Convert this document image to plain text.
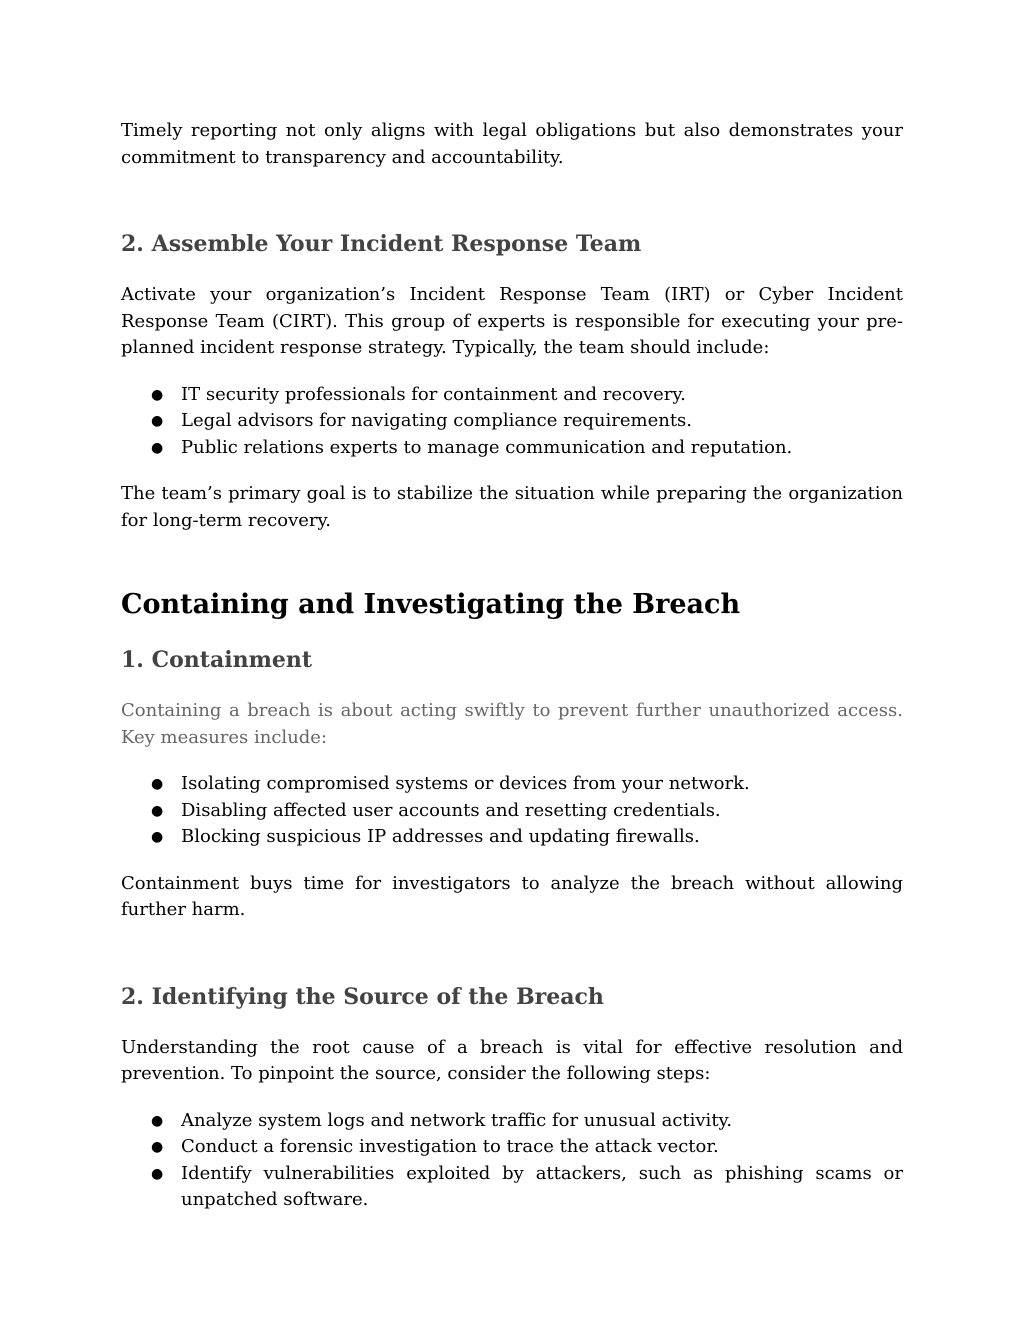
Timely reporting not only aligns with legal obligations but also demonstrates your commitment to transparency and accountability.

2. Assemble Your Incident Response Team

Activate your organization’s Incident Response Team (IRT) or Cyber Incident Response Team (CIRT). This group of experts is responsible for executing your pre-planned incident response strategy. Typically, the team should include:

● IT security professionals for containment and recovery.
● Legal advisors for navigating compliance requirements.
● Public relations experts to manage communication and reputation.

The team’s primary goal is to stabilize the situation while preparing the organization for long-term recovery.

Containing and Investigating the Breach
1. Containment

Containing a breach is about acting swiftly to prevent further unauthorized access. Key measures include:

● Isolating compromised systems or devices from your network.
● Disabling affected user accounts and resetting credentials.
● Blocking suspicious IP addresses and updating firewalls.

Containment buys time for investigators to analyze the breach without allowing further harm.

2. Identifying the Source of the Breach

Understanding the root cause of a breach is vital for effective resolution and prevention. To pinpoint the source, consider the following steps:

● Analyze system logs and network traffic for unusual activity.
● Conduct a forensic investigation to trace the attack vector.
● Identify vulnerabilities exploited by attackers, such as phishing scams or unpatched software.
